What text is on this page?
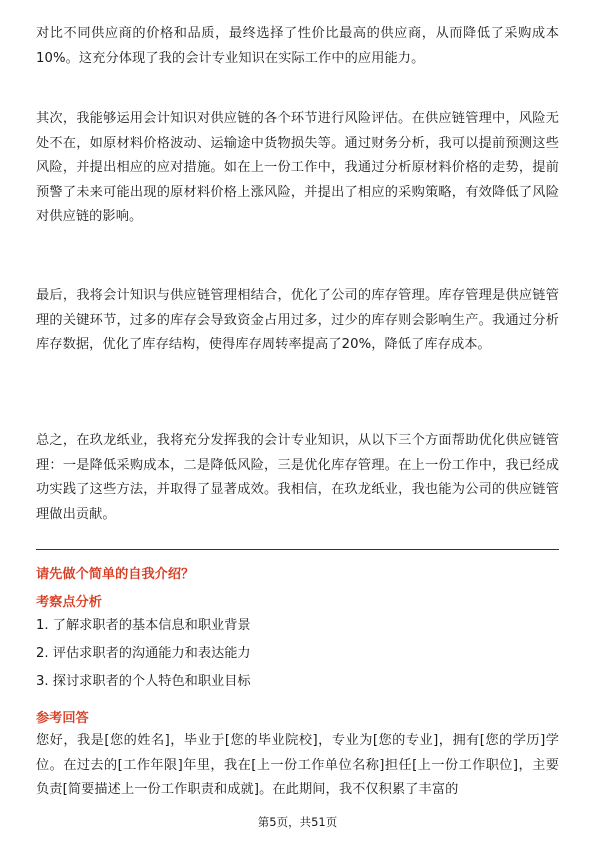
对比不同供应商的价格和品质，最终选择了性价比最高的供应商，从而降低了采购成本10%。这充分体现了我的会计专业知识在实际工作中的应用能力。

其次，我能够运用会计知识对供应链的各个环节进行风险评估。在供应链管理中，风险无处不在，如原材料价格波动、运输途中货物损失等。通过财务分析，我可以提前预测这些风险，并提出相应的应对措施。如在上一份工作中，我通过分析原材料价格的走势，提前预警了未来可能出现的原材料价格上涨风险，并提出了相应的采购策略，有效降低了风险对供应链的影响。

最后，我将会计知识与供应链管理相结合，优化了公司的库存管理。库存管理是供应链管理的关键环节，过多的库存会导致资金占用过多，过少的库存则会影响生产。我通过分析库存数据，优化了库存结构，使得库存周转率提高了20%，降低了库存成本。

总之，在玖龙纸业，我将充分发挥我的会计专业知识，从以下三个方面帮助优化供应链管理：一是降低采购成本，二是降低风险，三是优化库存管理。在上一份工作中，我已经成功实践了这些方法，并取得了显著成效。我相信，在玖龙纸业，我也能为公司的供应链管理做出贡献。

请先做个简单的自我介绍？
考察点分析
1. 了解求职者的基本信息和职业背景
2. 评估求职者的沟通能力和表达能力
3. 探讨求职者的个人特色和职业目标
参考回答

您好，我是[您的姓名]，毕业于[您的毕业院校]，专业为[您的专业]，拥有[您的学历]学位。在过去的[工作年限]年里，我在[上一份工作单位名称]担任[上一份工作职位]，主要负责[简要描述上一份工作职责和成就]。在此期间，我不仅积累了丰富的

第5页，共51页
